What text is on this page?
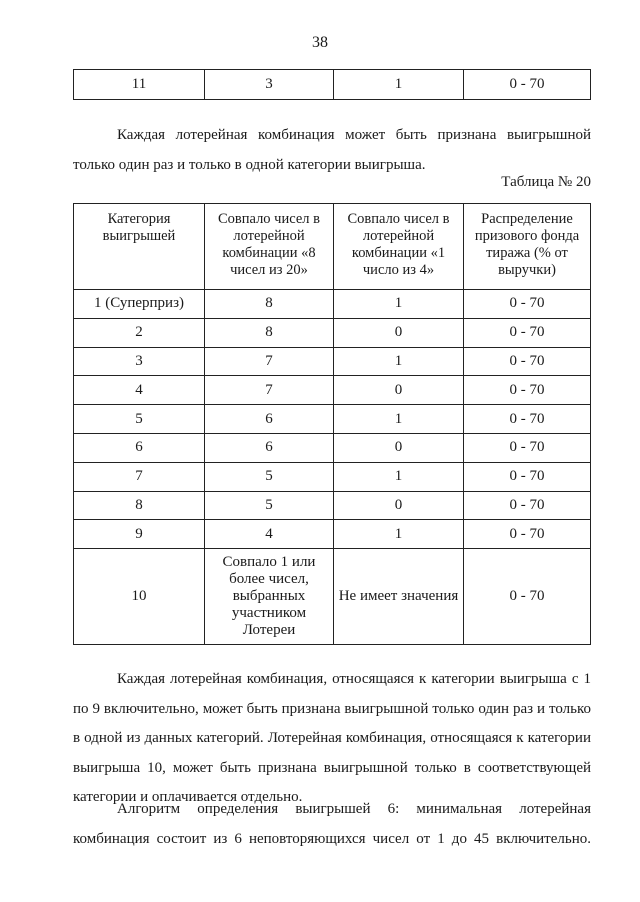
38
11	3	1	0 - 70
Каждая лотерейная комбинация может быть признана выигрышной только один раз и только в одной категории выигрыша.
Таблица № 20
Категория выигрышей	Совпало чисел в лотерейной комбинации «8 чисел из 20»	Совпало чисел в лотерейной комбинации «1 число из 4»	Распределение призового фонда тиража (% от выручки)
1 (Суперприз)	8	1	0 - 70
2	8	0	0 - 70
3	7	1	0 - 70
4	7	0	0 - 70
5	6	1	0 - 70
6	6	0	0 - 70
7	5	1	0 - 70
8	5	0	0 - 70
9	4	1	0 - 70
10	Совпало 1 или более чисел, выбранных участником Лотереи	Не имеет значения	0 - 70
Каждая лотерейная комбинация, относящаяся к категории выигрыша с 1 по 9 включительно, может быть признана выигрышной только один раз и только в одной из данных категорий. Лотерейная комбинация, относящаяся к категории выигрыша 10, может быть признана выигрышной только в соответствующей категории и оплачивается отдельно.
Алгоритм определения выигрышей 6: минимальная лотерейная комбинация состоит из 6 неповторяющихся чисел от 1 до 45 включительно.
